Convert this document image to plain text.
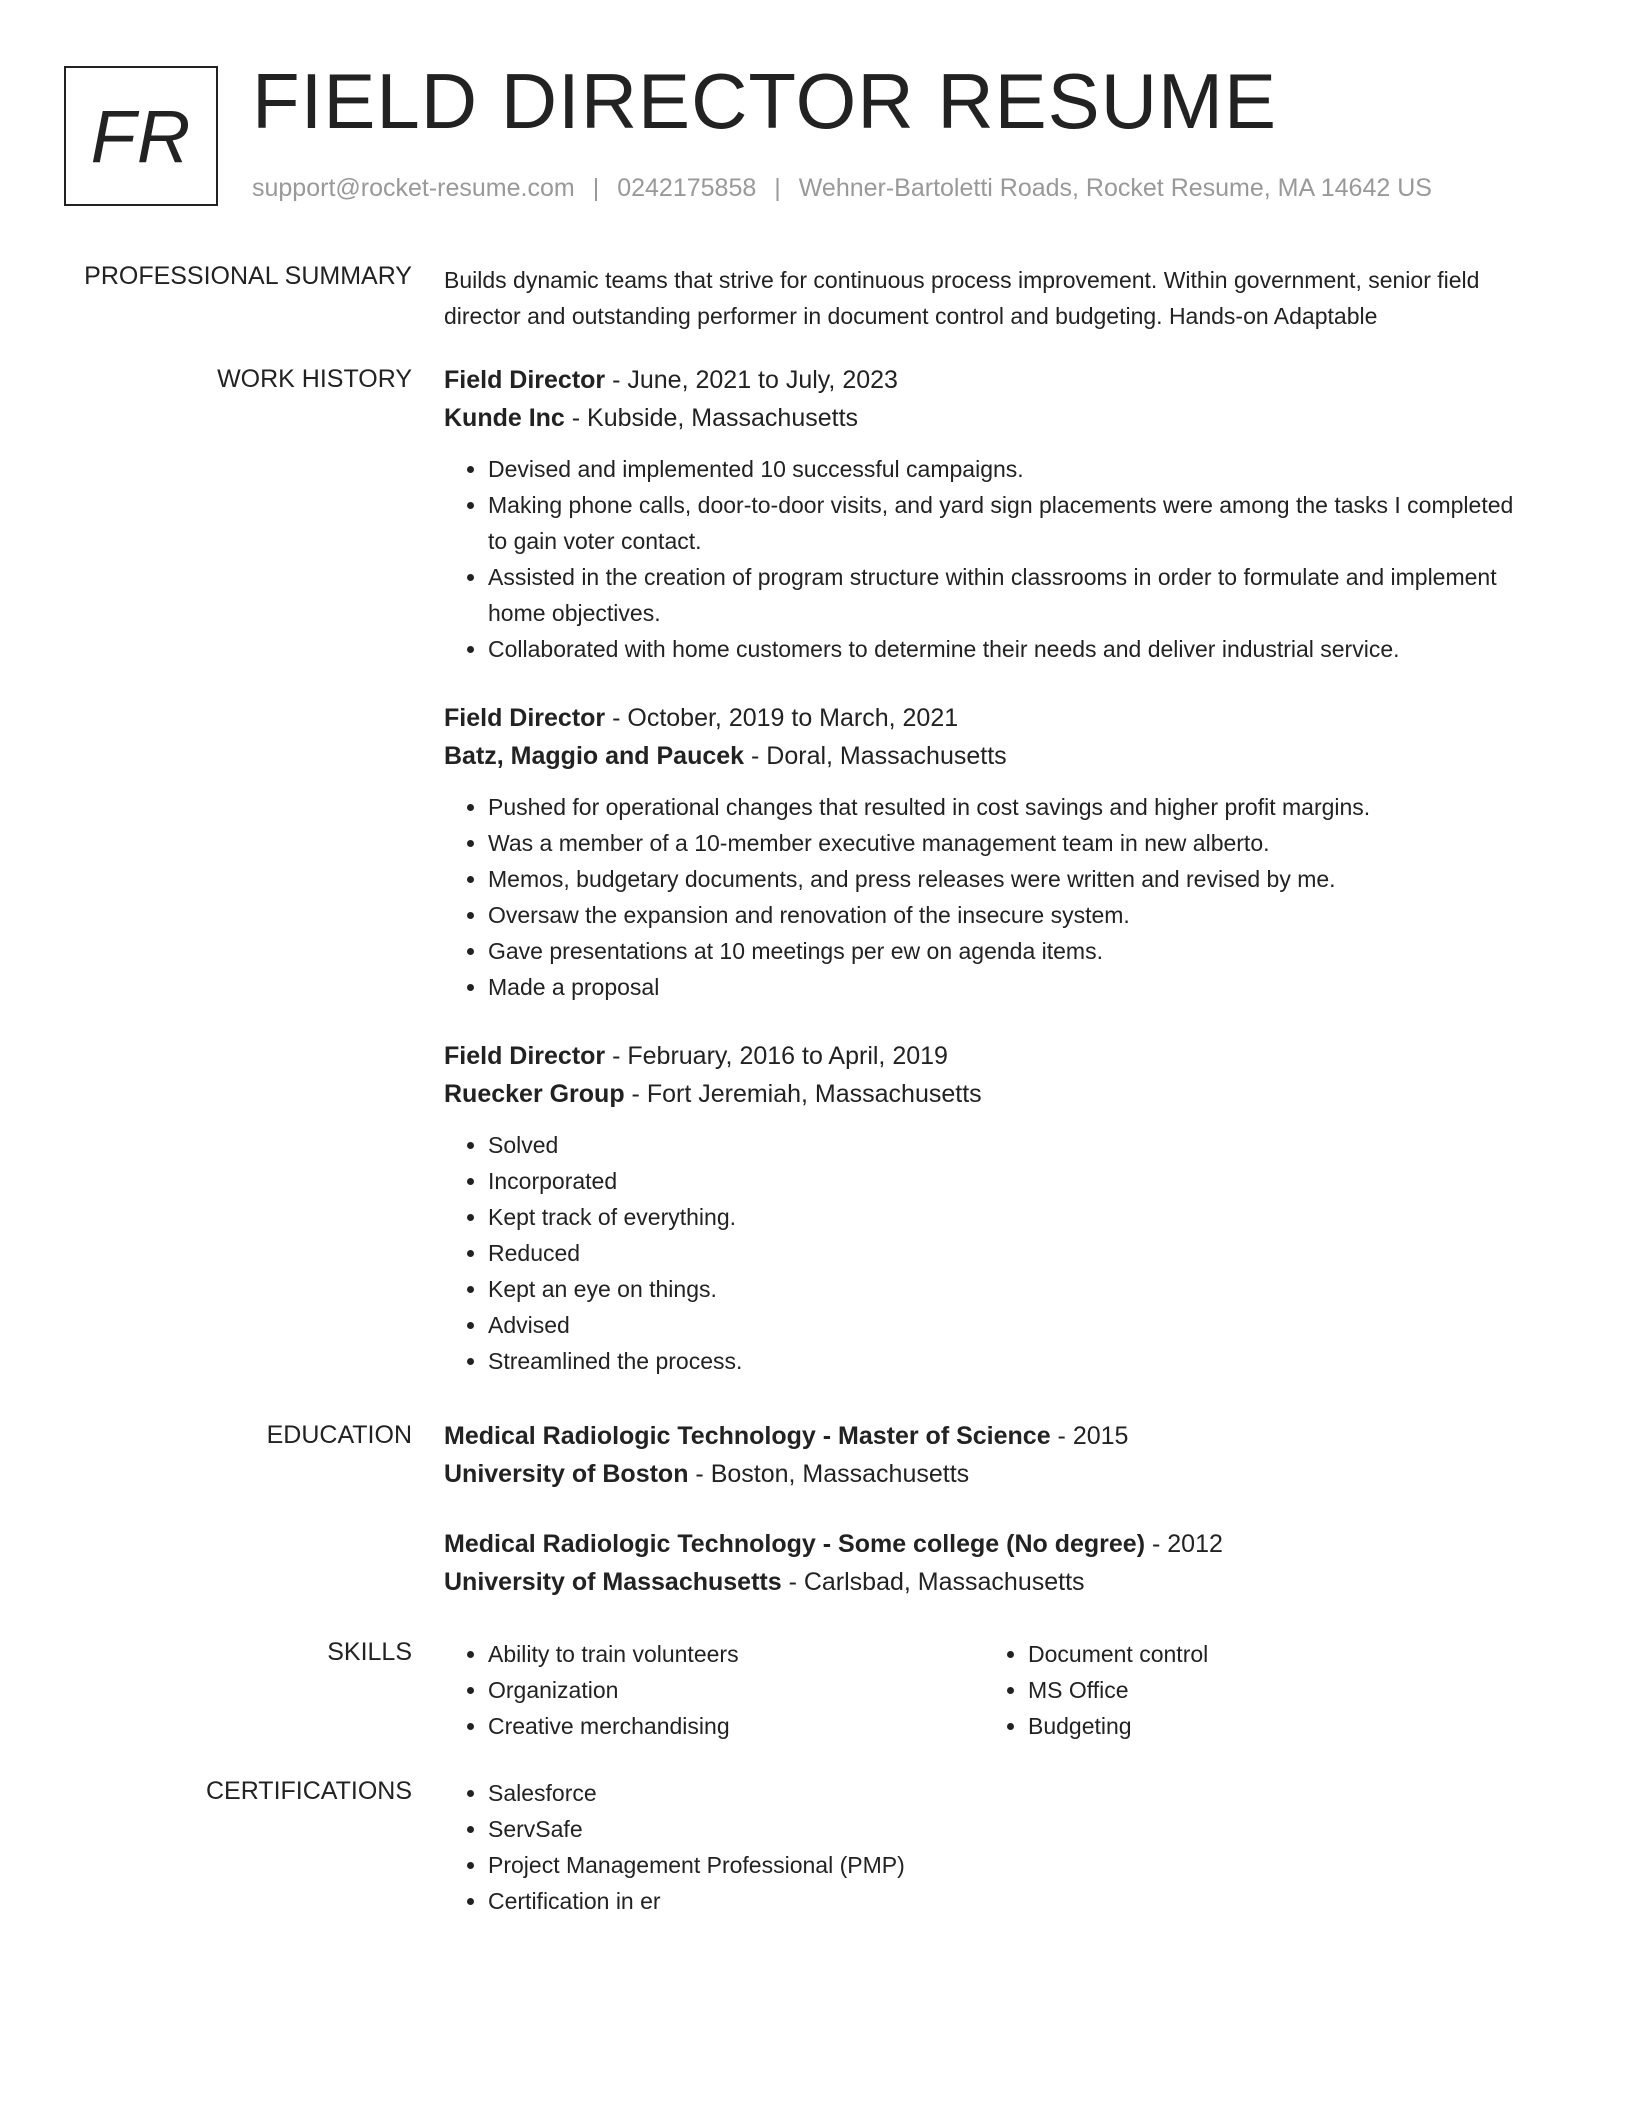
FR FIELD DIRECTOR RESUME
support@rocket-resume.com | 0242175858 | Wehner-Bartoletti Roads, Rocket Resume, MA 14642 US
PROFESSIONAL SUMMARY Builds dynamic teams that strive for continuous process improvement. Within government, senior field director and outstanding performer in document control and budgeting. Hands-on Adaptable
WORK HISTORY Field Director - June, 2021 to July, 2023
Kunde Inc - Kubside, Massachusetts
• Devised and implemented 10 successful campaigns.
• Making phone calls, door-to-door visits, and yard sign placements were among the tasks I completed to gain voter contact.
• Assisted in the creation of program structure within classrooms in order to formulate and implement home objectives.
• Collaborated with home customers to determine their needs and deliver industrial service.
Field Director - October, 2019 to March, 2021
Batz, Maggio and Paucek - Doral, Massachusetts
• Pushed for operational changes that resulted in cost savings and higher profit margins.
• Was a member of a 10-member executive management team in new alberto.
• Memos, budgetary documents, and press releases were written and revised by me.
• Oversaw the expansion and renovation of the insecure system.
• Gave presentations at 10 meetings per ew on agenda items.
• Made a proposal
Field Director - February, 2016 to April, 2019
Ruecker Group - Fort Jeremiah, Massachusetts
• Solved
• Incorporated
• Kept track of everything.
• Reduced
• Kept an eye on things.
• Advised
• Streamlined the process.
EDUCATION Medical Radiologic Technology - Master of Science - 2015
University of Boston - Boston, Massachusetts
Medical Radiologic Technology - Some college (No degree) - 2012
University of Massachusetts - Carlsbad, Massachusetts
SKILLS	• Ability to train volunteers
• Organization
• Creative merchandising
• Document control
• MS Office
• Budgeting
CERTIFICATIONS	• Salesforce
• ServSafe
• Project Management Professional (PMP)
• Certification in er
